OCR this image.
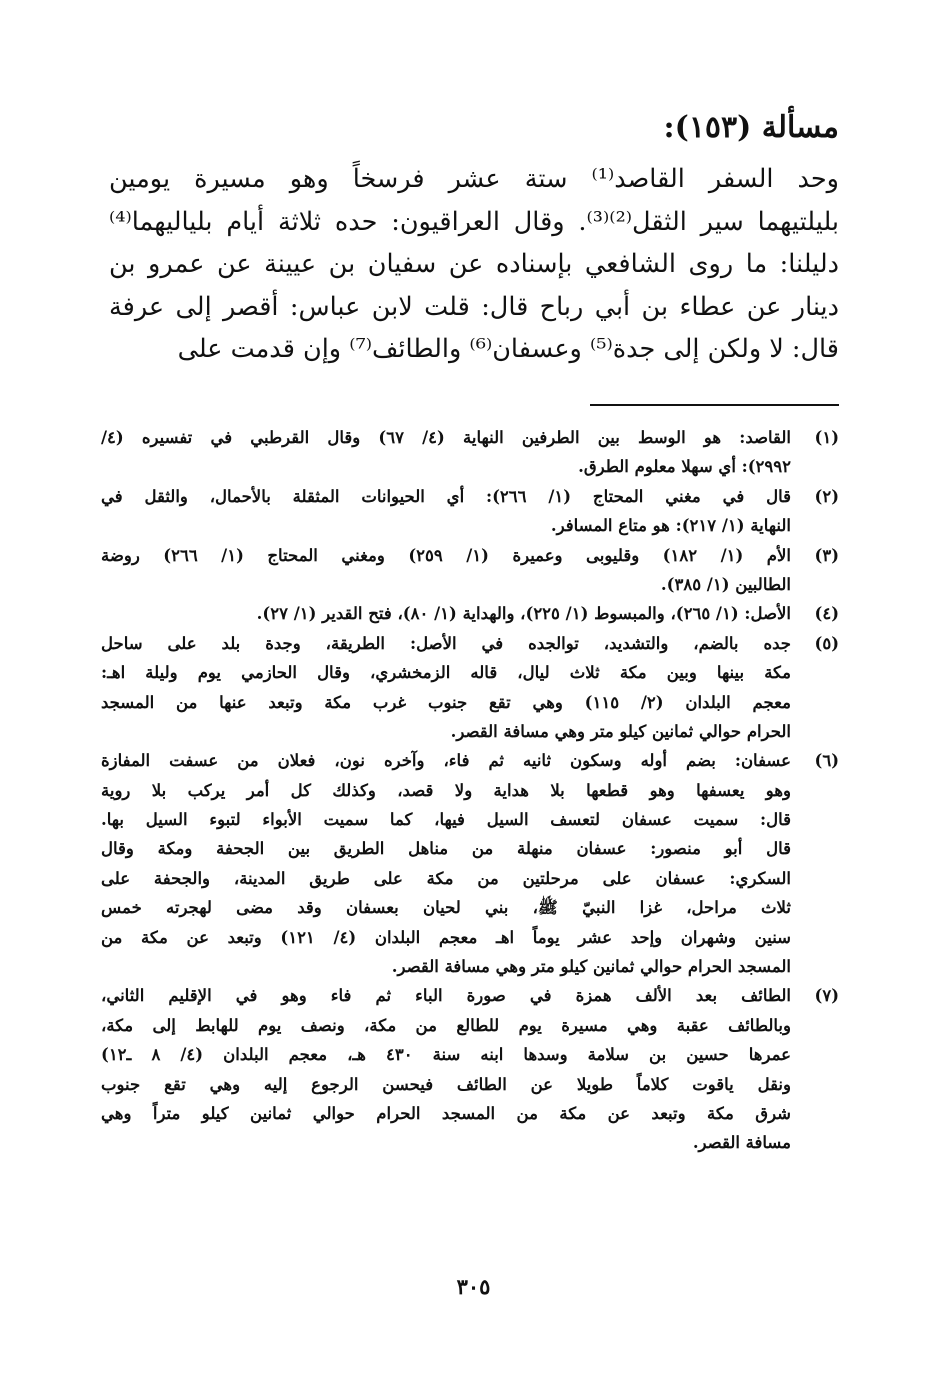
مسألة (١٥٣):
وحد السفر القاصد⁽¹⁾ ستة عشر فرسخاً وهو مسيرة يومين
بليلتيهما سير الثقل⁽²⁾⁽³⁾. وقال العراقيون: حده ثلاثة أيام بلياليهما⁽⁴⁾
دليلنا: ما روى الشافعي بإسناده عن سفيان بن عيينة عن عمرو بن
دينار عن عطاء بن أبي رباح قال: قلت لابن عباس: أقصر إلى عرفة
قال: لا ولكن إلى جدة⁽⁵⁾ وعسفان⁽⁶⁾ والطائف⁽⁷⁾ وإن قدمت على
(١)
القاصد: هو الوسط بين الطرفين النهاية (٤/ ٦٧) وقال القرطبي في تفسيره (٤/
٢٩٩٢): أي سهلا معلوم الطرق.
(٢)
قال في مغني المحتاج (١/ ٢٦٦): أي الحيوانات المثقلة بالأحمال، والثقل في
النهاية (١/ ٢١٧): هو متاع المسافر.
(٣)
الأم (١/ ١٨٢) وقليوبى وعميرة (١/ ٢٥٩) ومغني المحتاج (١/ ٢٦٦) روضة
الطالبين (١/ ٣٨٥).
(٤)
الأصل: (١/ ٢٦٥)، والمبسوط (١/ ٢٢٥)، والهداية (١/ ٨٠)، فتح القدير (١/ ٢٧).
(٥)
جده بالضم، والتشديد، توالجده في الأصل: الطريقة، وجدة بلد على ساحل
مكة بينها وبين مكة ثلاث ليال، قاله الزمخشري، وقال الحازمي يوم وليلة اهـ:
معجم البلدان (٢/ ١١٥) وهي تقع جنوب غرب مكة وتبعد عنها من المسجد
الحرام حوالي ثمانين كيلو متر وهي مسافة القصر.
(٦)
عسفان: بضم أوله وسكون ثانيه ثم فاء، وآخره نون، فعلان من عسفت المفازة
وهو يعسفها وهو قطعها بلا هداية ولا قصد، وكذلك كل أمر يركب بلا روية
قال: سميت عسفان لتعسف السيل فيها، كما سميت الأبواء لتبوء السيل بها.
قال أبو منصور: عسفان منهلة من مناهل الطريق بين الجحفة ومكة وقال
السكري: عسفان على مرحلتين من مكة على طريق المدينة، والجحفة على
ثلاث مراحل، غزا النبيّ ﷺ، بني لحيان بعسفان وقد مضى لهجرته خمس
سنين وشهران وإحد عشر يوماً اهـ معجم البلدان (٤/ ١٢١) وتبعد عن مكة من
المسجد الحرام حوالي ثمانين كيلو متر وهي مسافة القصر.
(٧)
الطائف بعد الألف همزة في صورة الباء ثم فاء وهو في الإقليم الثاني،
وبالطائف عقبة وهي مسيرة يوم للطالع من مكة، ونصف يوم للهابط إلى مكة،
عمرها حسين بن سلامة وسدها ابنه سنة ٤٣٠ هـ، معجم البلدان (٤/ ٨ ـ١٢)
ونقل ياقوت كلاماً طويلا عن الطائف فيحسن الرجوع إليه وهي تقع جنوب
شرق مكة وتبعد عن مكة من المسجد الحرام حوالي ثمانين كيلو متراً وهي
مسافة القصر.
٣٠٥
